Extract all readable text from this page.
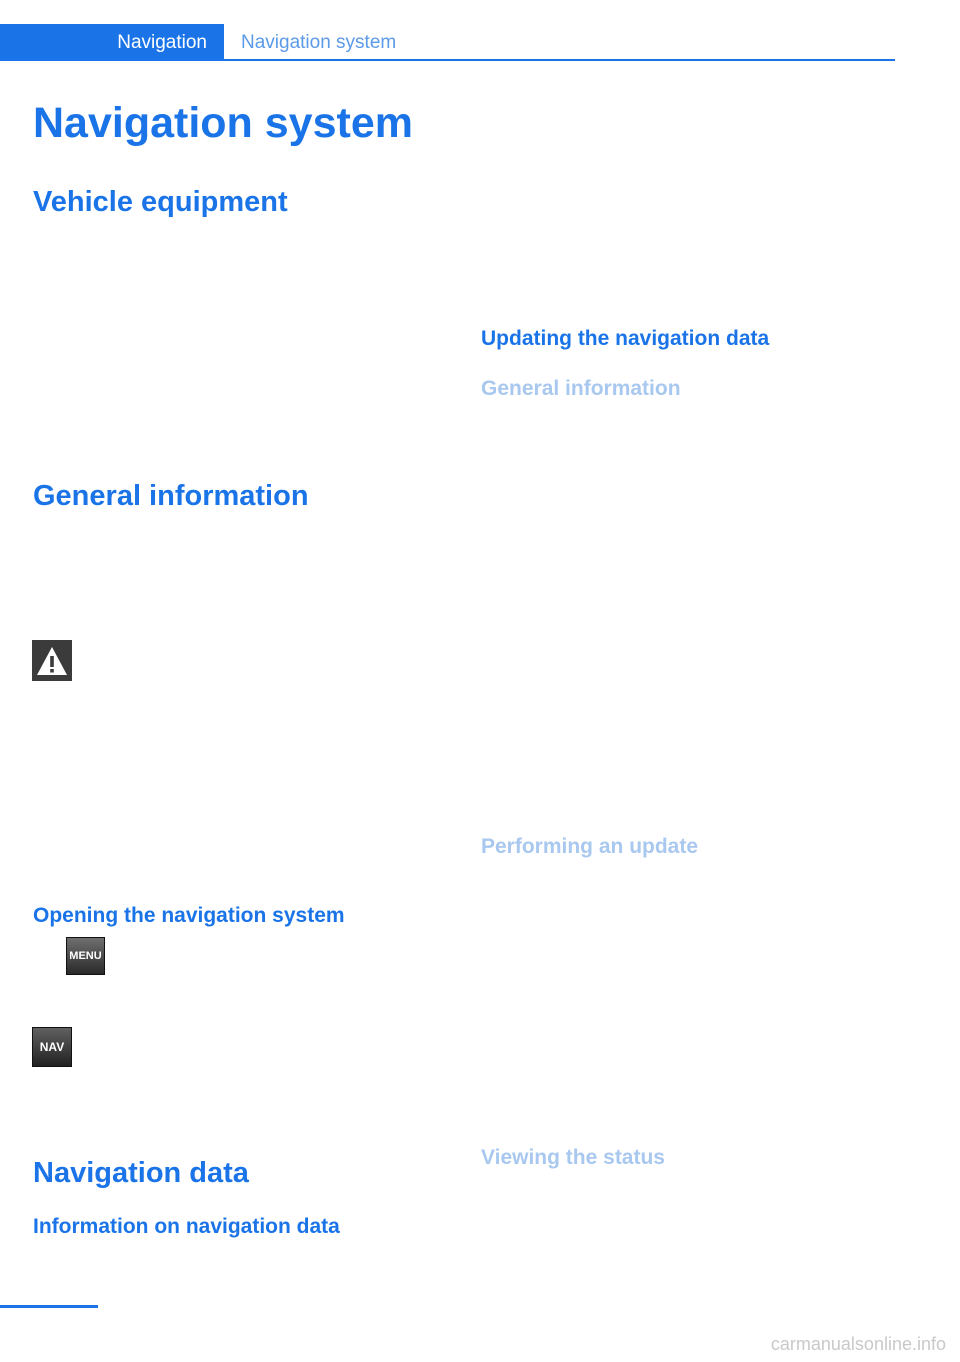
Navigation Navigation system
Navigation system
Vehicle equipment
General information
Opening the navigation system
MENU
NAV
Navigation data
Information on navigation data
Updating the navigation data
General information
Performing an update
Viewing the status
carmanualsonline.info
